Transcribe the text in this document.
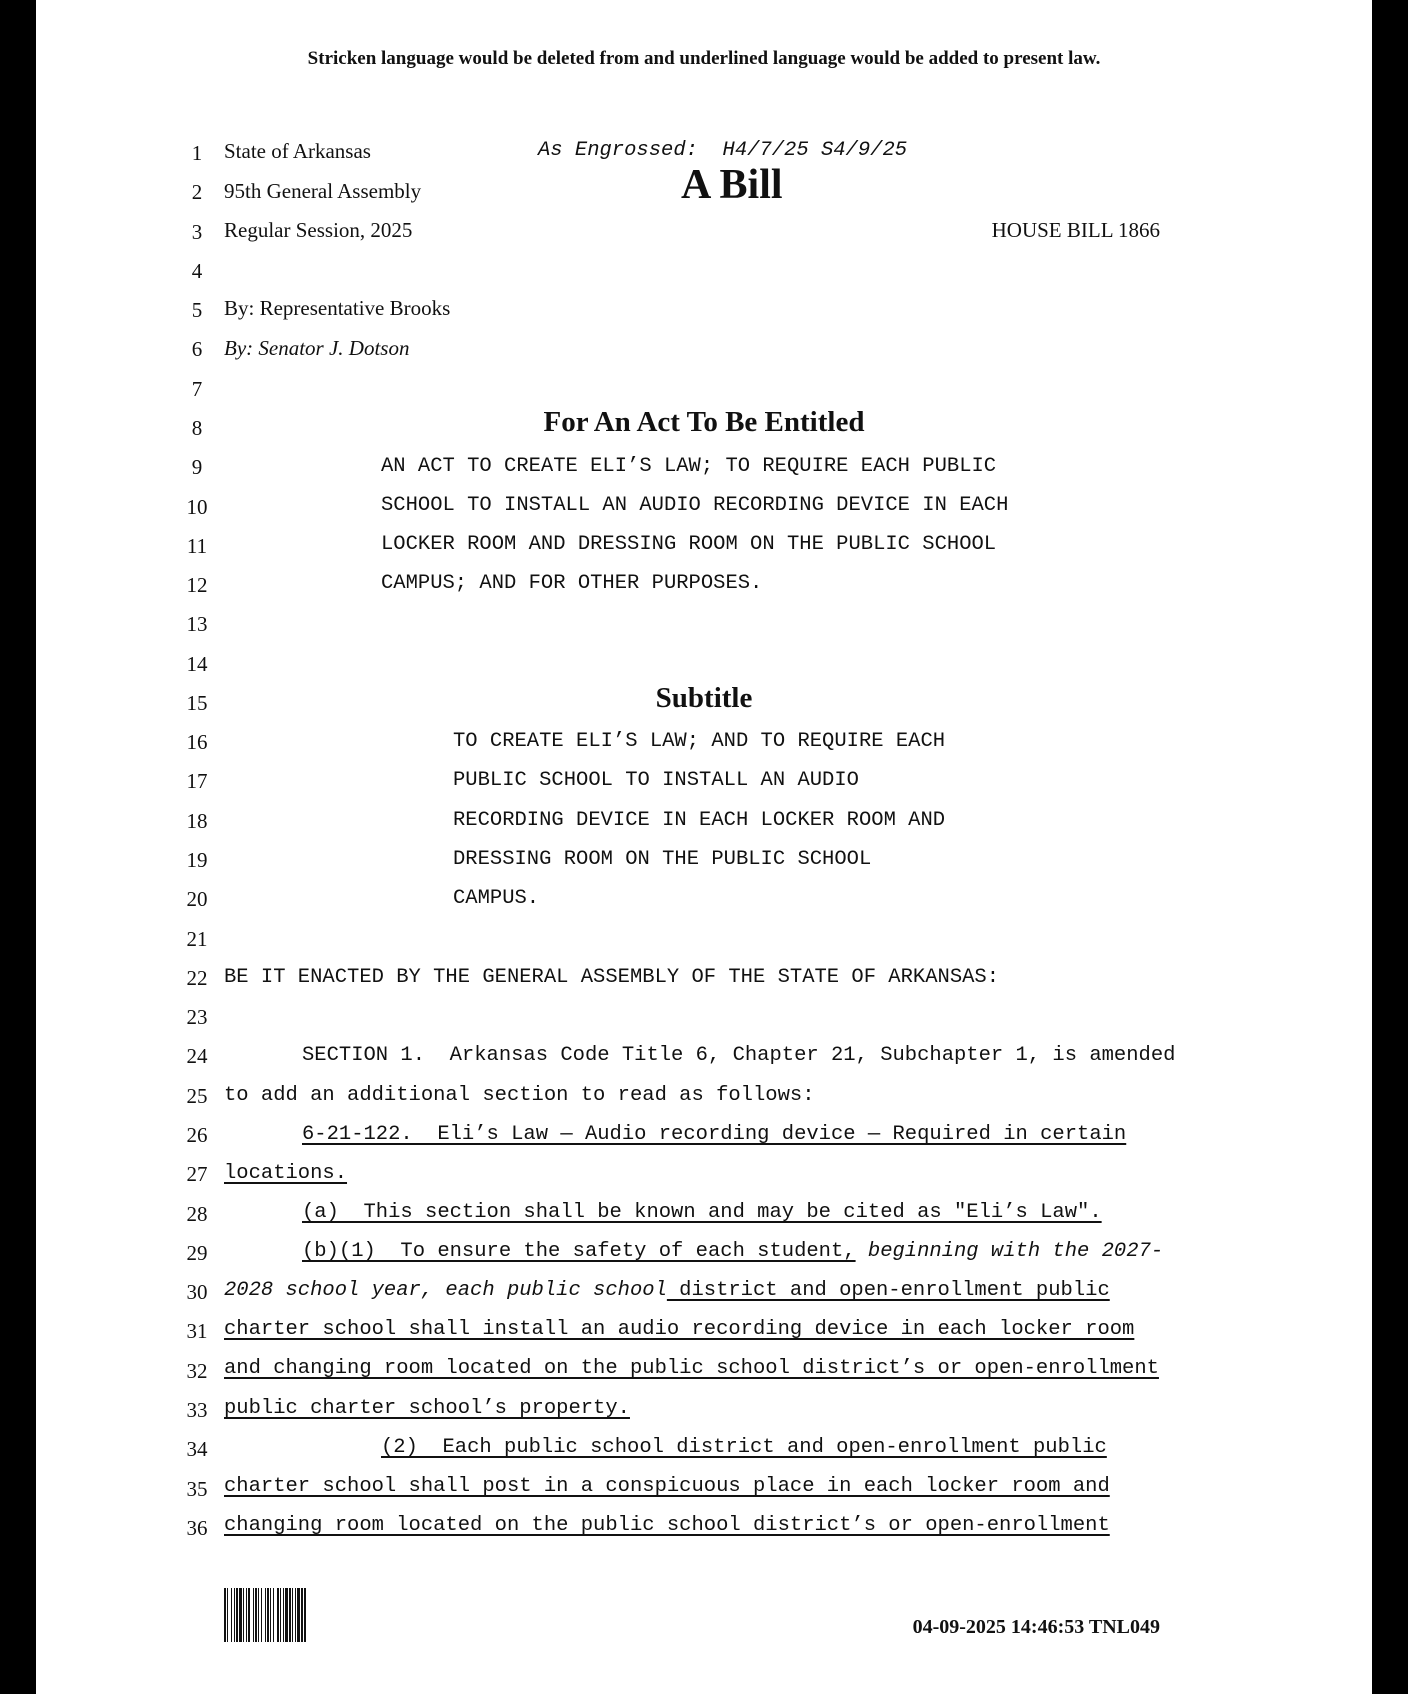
Stricken language would be deleted from and underlined language would be added to present law.
State of Arkansas
95th General Assembly
Regular Session, 2025
As Engrossed:  H4/7/25 S4/9/25
A Bill
HOUSE BILL 1866
By: Representative Brooks
By: Senator J. Dotson
For An Act To Be Entitled
AN ACT TO CREATE ELI’S LAW; TO REQUIRE EACH PUBLIC
SCHOOL TO INSTALL AN AUDIO RECORDING DEVICE IN EACH
LOCKER ROOM AND DRESSING ROOM ON THE PUBLIC SCHOOL
CAMPUS; AND FOR OTHER PURPOSES.
Subtitle
TO CREATE ELI’S LAW; AND TO REQUIRE EACH
PUBLIC SCHOOL TO INSTALL AN AUDIO
RECORDING DEVICE IN EACH LOCKER ROOM AND
DRESSING ROOM ON THE PUBLIC SCHOOL
CAMPUS.
BE IT ENACTED BY THE GENERAL ASSEMBLY OF THE STATE OF ARKANSAS:
SECTION 1.  Arkansas Code Title 6, Chapter 21, Subchapter 1, is amended
to add an additional section to read as follows:
6-21-122.  Eli’s Law — Audio recording device — Required in certain
locations.
(a)  This section shall be known and may be cited as "Eli’s Law".
(b)(1)  To ensure the safety of each student, beginning with the 2027-
2028 school year, each public school district and open-enrollment public
charter school shall install an audio recording device in each locker room
and changing room located on the public school district’s or open-enrollment
public charter school’s property.
(2)  Each public school district and open-enrollment public
charter school shall post in a conspicuous place in each locker room and
changing room located on the public school district’s or open-enrollment
04-09-2025 14:46:53 TNL049
1
2
3
4
5
6
7
8
9
10
11
12
13
14
15
16
17
18
19
20
21
22
23
24
25
26
27
28
29
30
31
32
33
34
35
36
